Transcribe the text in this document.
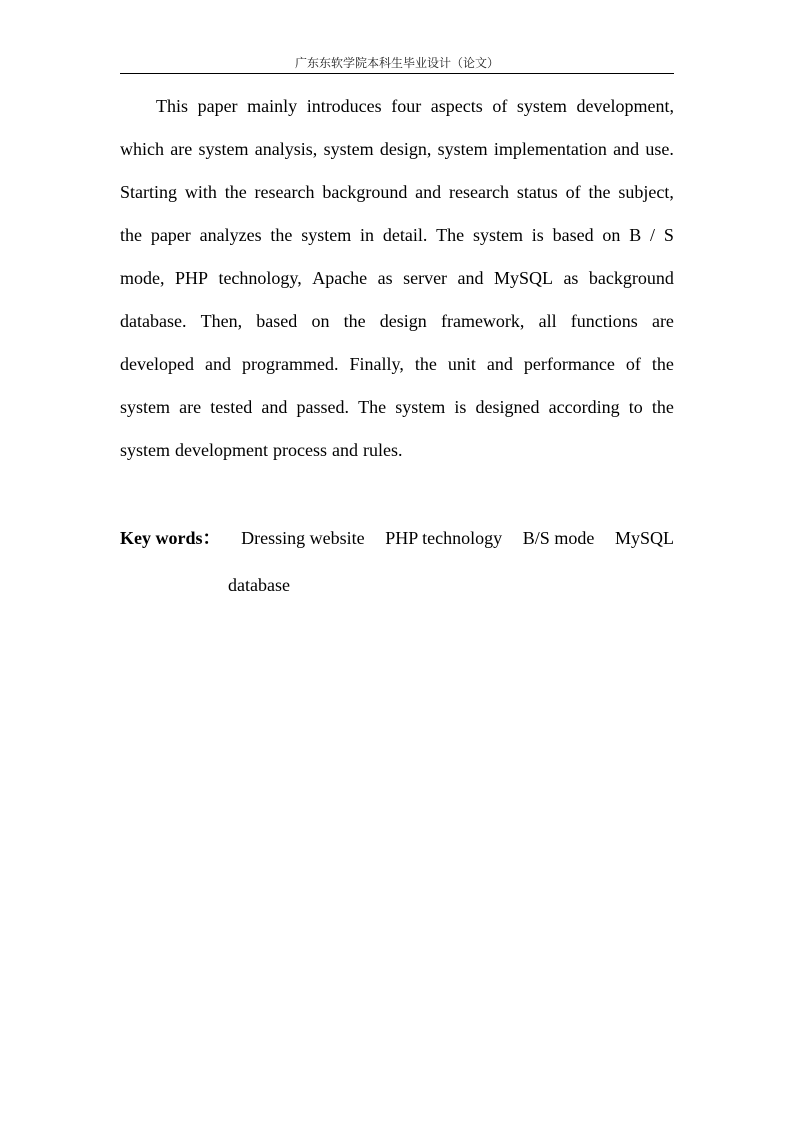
广东东软学院本科生毕业设计（论文）
This paper mainly introduces four aspects of system development,
which are system analysis, system design, system implementation and use.
Starting with the research background and research status of the subject,
the paper analyzes the system in detail. The system is based on B / S
mode, PHP technology, Apache as server and MySQL as background
database. Then, based on the design framework, all functions are
developed and programmed. Finally, the unit and performance of the
system are tested and passed. The system is designed according to the
system development process and rules.
Key words： Dressing website PHP technology B/S mode MySQL
database
